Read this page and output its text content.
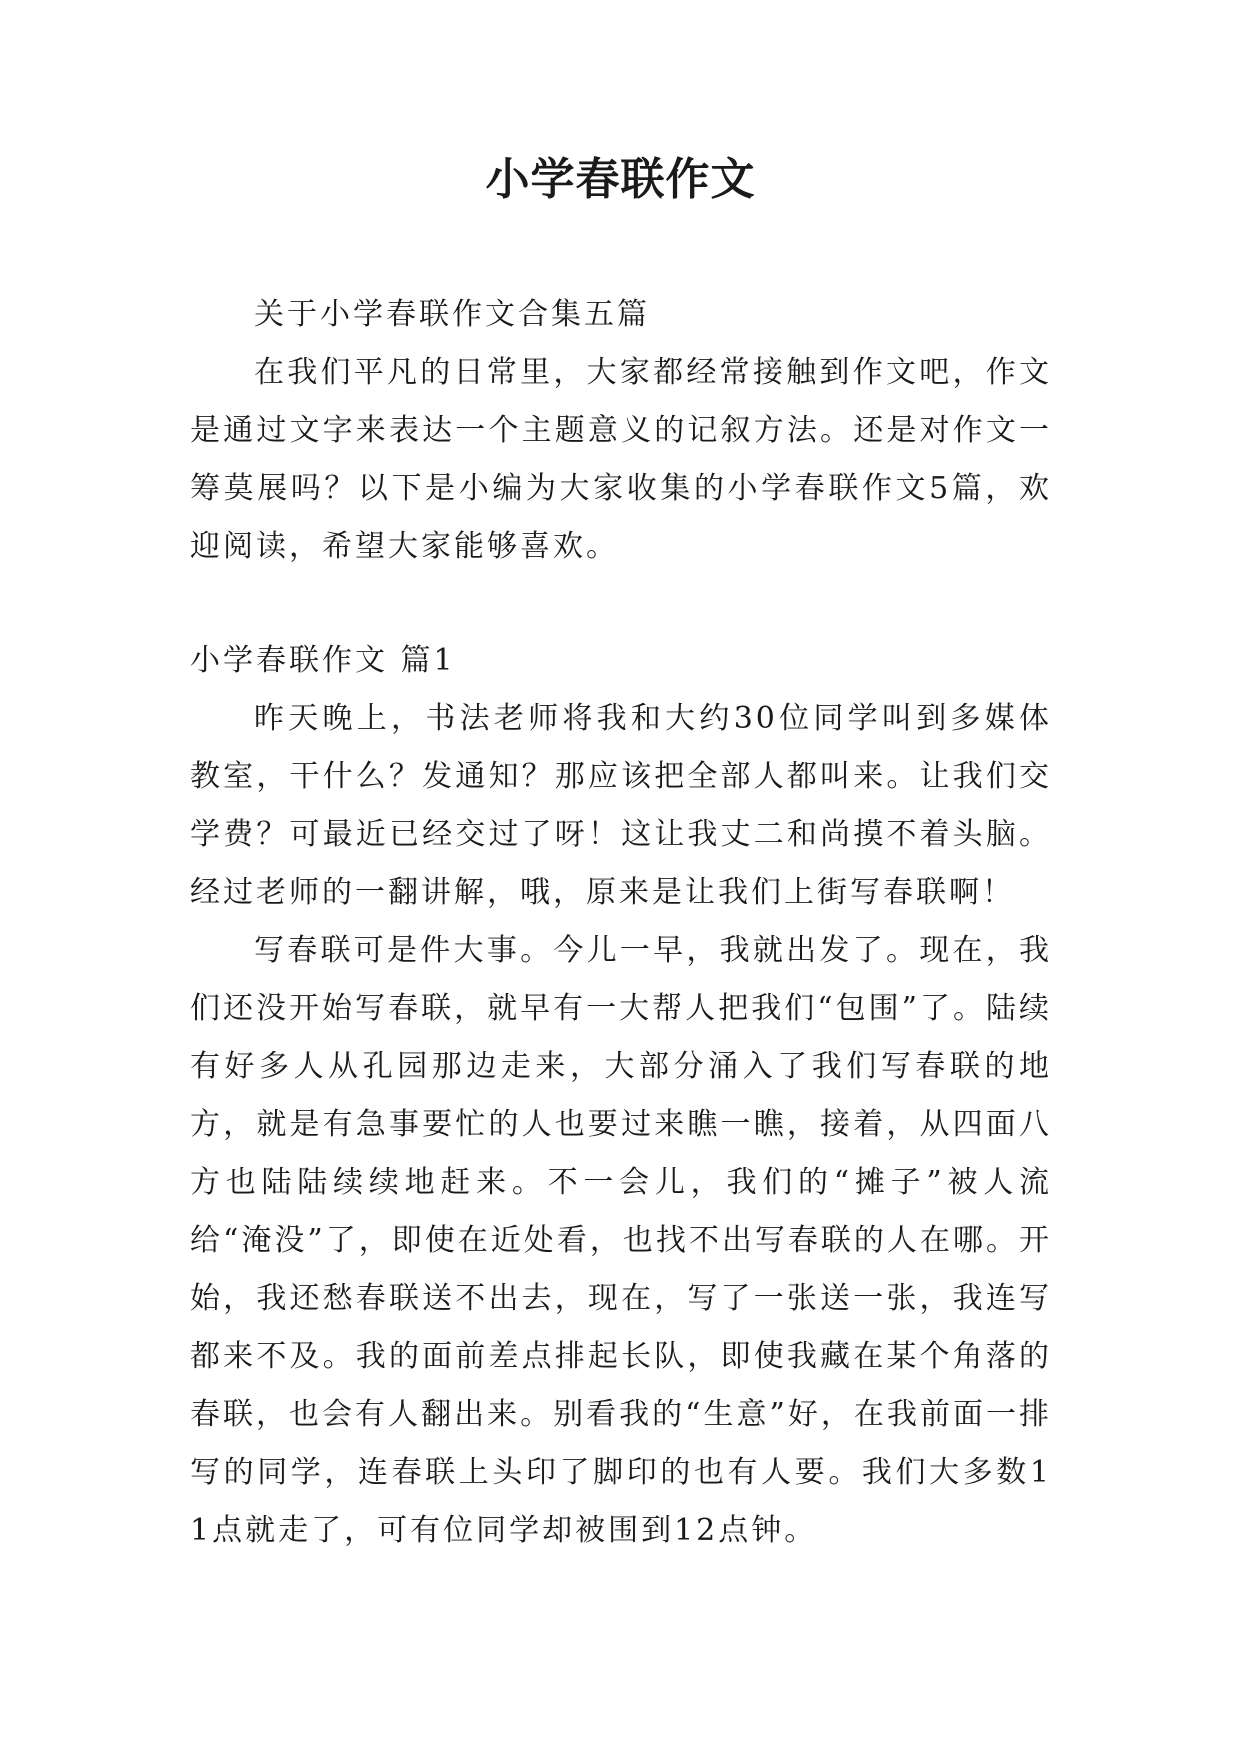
小学春联作文

关于小学春联作文合集五篇

在我们平凡的日常里，大家都经常接触到作文吧，作文是通过文字来表达一个主题意义的记叙方法。还是对作文一筹莫展吗？以下是小编为大家收集的小学春联作文5篇，欢迎阅读，希望大家能够喜欢。

小学春联作文 篇1

昨天晚上，书法老师将我和大约30位同学叫到多媒体教室，干什么？发通知？那应该把全部人都叫来。让我们交学费？可最近已经交过了呀！这让我丈二和尚摸不着头脑。经过老师的一翻讲解，哦，原来是让我们上街写春联啊！

写春联可是件大事。今儿一早，我就出发了。现在，我们还没开始写春联，就早有一大帮人把我们“包围”了。陆续有好多人从孔园那边走来，大部分涌入了我们写春联的地方，就是有急事要忙的人也要过来瞧一瞧，接着，从四面八方也陆陆续续地赶来。不一会儿，我们的“摊子”被人流给“淹没”了，即使在近处看，也找不出写春联的人在哪。开始，我还愁春联送不出去，现在，写了一张送一张，我连写都来不及。我的面前差点排起长队，即使我藏在某个角落的春联，也会有人翻出来。别看我的“生意”好，在我前面一排写的同学，连春联上头印了脚印的也有人要。我们大多数11点就走了，可有位同学却被围到12点钟。
